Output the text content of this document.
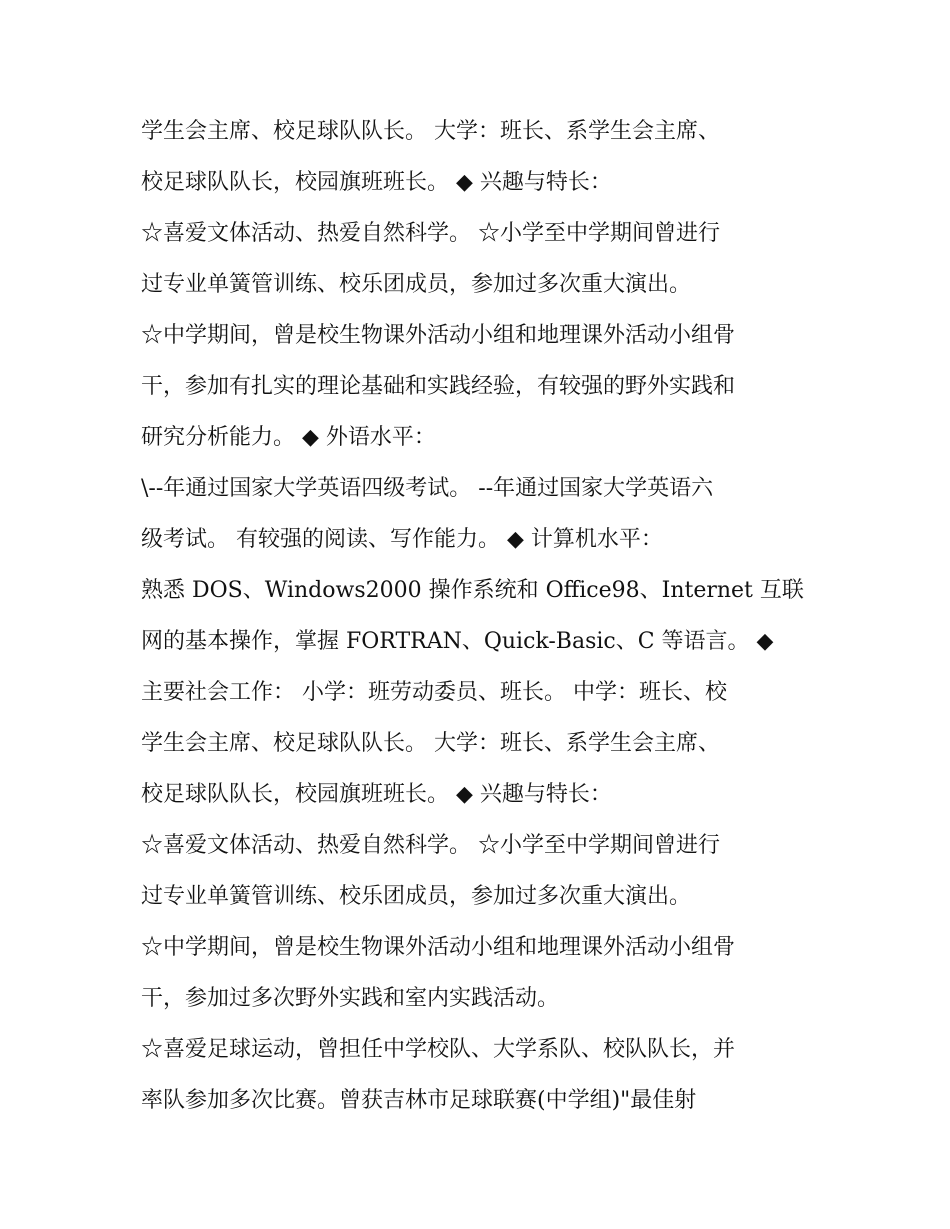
学生会主席、校足球队队长。 大学：班长、系学生会主席、
校足球队队长，校园旗班班长。 ◆ 兴趣与特长：
☆喜爱文体活动、热爱自然科学。 ☆小学至中学期间曾进行
过专业单簧管训练、校乐团成员，参加过多次重大演出。
☆中学期间，曾是校生物课外活动小组和地理课外活动小组骨
干，参加有扎实的理论基础和实践经验，有较强的野外实践和
研究分析能力。 ◆ 外语水平：
\--年通过国家大学英语四级考试。 --年通过国家大学英语六
级考试。 有较强的阅读、写作能力。 ◆ 计算机水平：
熟悉 DOS、Windows2000 操作系统和 Office98、Internet 互联
网的基本操作，掌握 FORTRAN、Quick-Basic、C 等语言。 ◆
主要社会工作： 小学：班劳动委员、班长。 中学：班长、校
学生会主席、校足球队队长。 大学：班长、系学生会主席、
校足球队队长，校园旗班班长。 ◆ 兴趣与特长：
☆喜爱文体活动、热爱自然科学。 ☆小学至中学期间曾进行
过专业单簧管训练、校乐团成员，参加过多次重大演出。
☆中学期间，曾是校生物课外活动小组和地理课外活动小组骨
干，参加过多次野外实践和室内实践活动。
☆喜爱足球运动，曾担任中学校队、大学系队、校队队长，并
率队参加多次比赛。曾获吉林市足球联赛(中学组)"最佳射
